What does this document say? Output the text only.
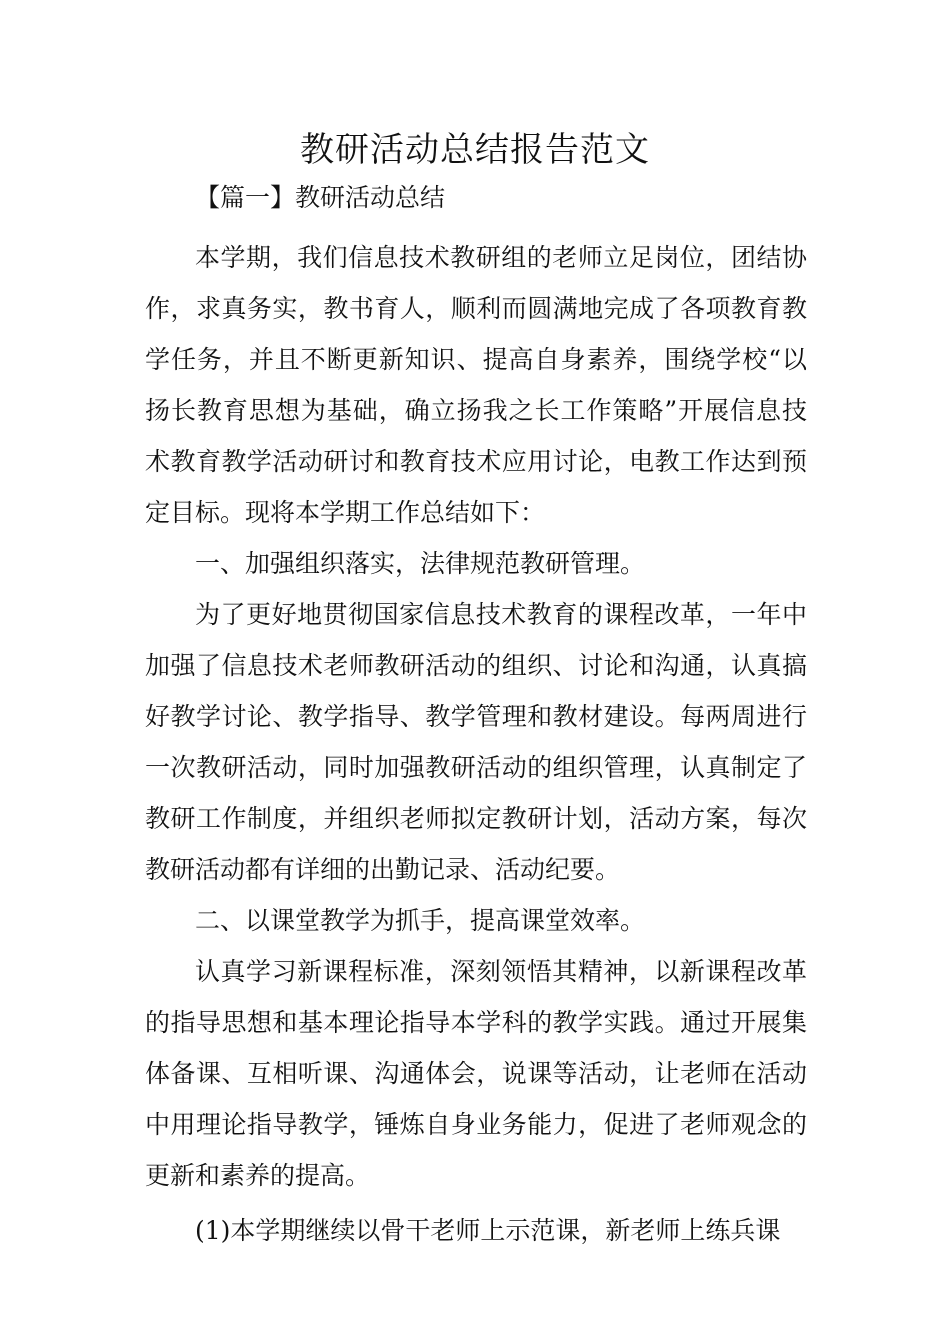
教研活动总结报告范文

【篇一】教研活动总结

本学期，我们信息技术教研组的老师立足岗位，团结协作，求真务实，教书育人，顺利而圆满地完成了各项教育教学任务，并且不断更新知识、提高自身素养，围绕学校“以扬长教育思想为基础，确立扬我之长工作策略”开展信息技术教育教学活动研讨和教育技术应用讨论，电教工作达到预定目标。现将本学期工作总结如下：

一、加强组织落实，法律规范教研管理。

为了更好地贯彻国家信息技术教育的课程改革，一年中加强了信息技术老师教研活动的组织、讨论和沟通，认真搞好教学讨论、教学指导、教学管理和教材建设。每两周进行一次教研活动，同时加强教研活动的组织管理，认真制定了教研工作制度，并组织老师拟定教研计划，活动方案，每次教研活动都有详细的出勤记录、活动纪要。

二、以课堂教学为抓手，提高课堂效率。

认真学习新课程标准，深刻领悟其精神，以新课程改革的指导思想和基本理论指导本学科的教学实践。通过开展集体备课、互相听课、沟通体会，说课等活动，让老师在活动中用理论指导教学，锤炼自身业务能力，促进了老师观念的更新和素养的提高。

(1)本学期继续以骨干老师上示范课，新老师上练兵课
